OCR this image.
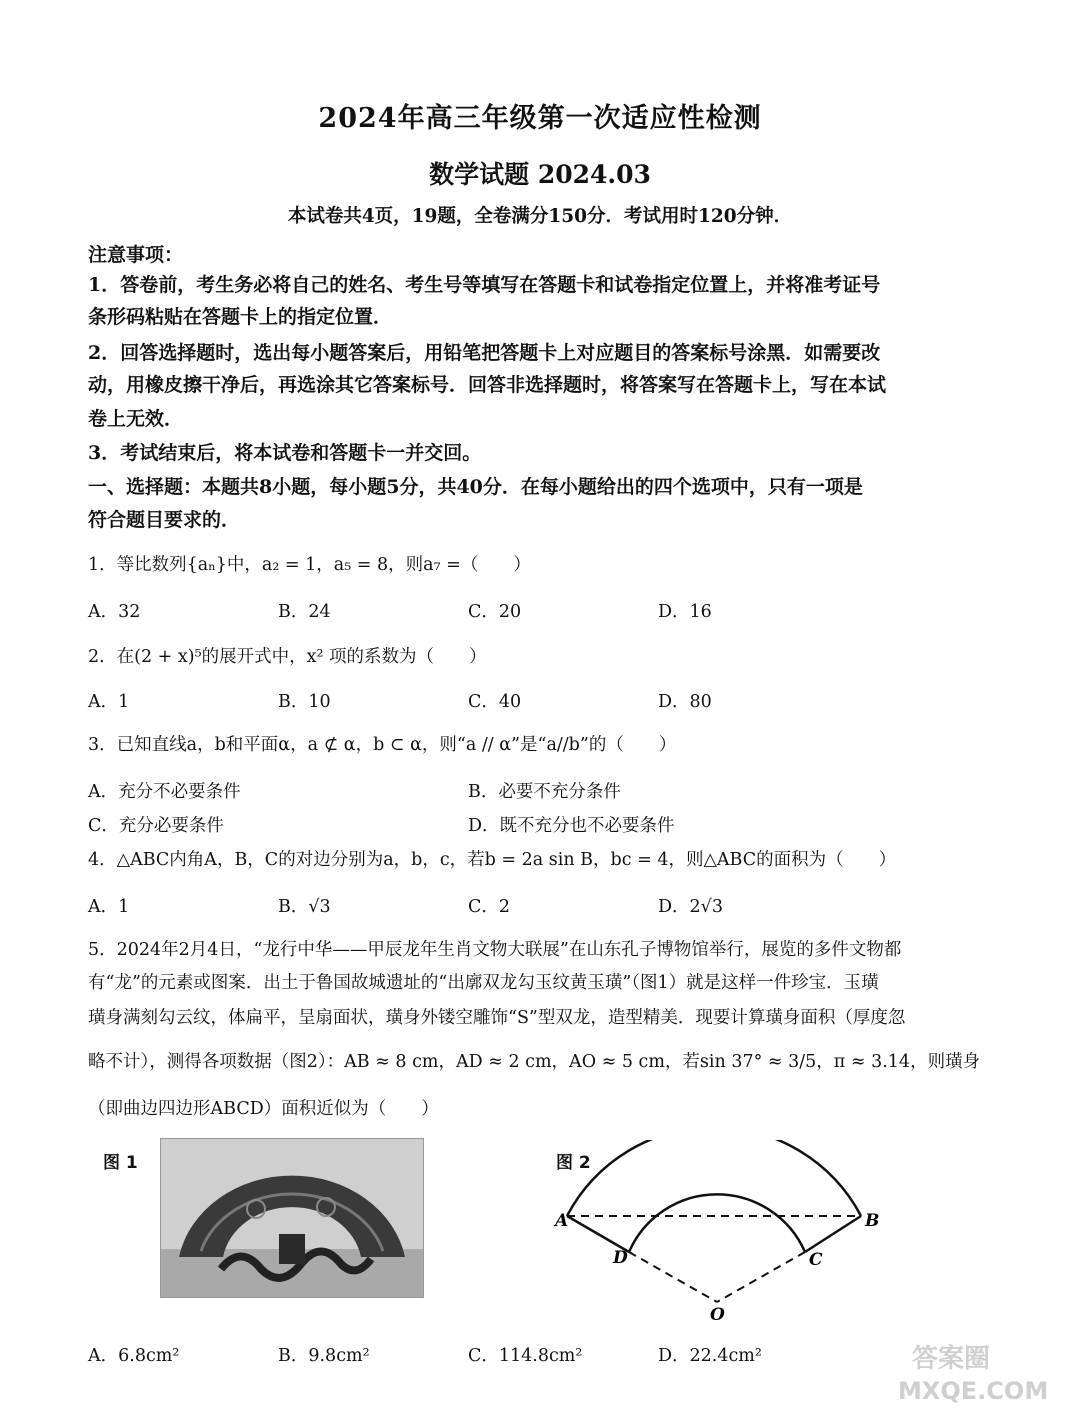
2024年高三年级第一次适应性检测
数学试题 2024.03
本试卷共4页，19题，全卷满分150分．考试用时120分钟．
注意事项：
1．答卷前，考生务必将自己的姓名、考生号等填写在答题卡和试卷指定位置上，并将准考证号
条形码粘贴在答题卡上的指定位置．
2．回答选择题时，选出每小题答案后，用铅笔把答题卡上对应题目的答案标号涂黑．如需要改
动，用橡皮擦干净后，再选涂其它答案标号．回答非选择题时，将答案写在答题卡上，写在本试
卷上无效．
3．考试结束后，将本试卷和答题卡一并交回。
一、选择题：本题共8小题，每小题5分，共40分．在每小题给出的四个选项中，只有一项是
符合题目要求的．
1．等比数列{aₙ}中，a₂ = 1，a₅ = 8，则a₇ =（　　）
A．32	B．24	C．20	D．16
2．在(2 + x)⁵的展开式中，x² 项的系数为（　　）
A．1	B．10	C．40	D．80
3．已知直线a，b和平面α，a ⊄ α，b ⊂ α，则“a // α”是“a//b”的（　　）
A．充分不必要条件	B．必要不充分条件
C．充分必要条件	D．既不充分也不必要条件
4．△ABC内角A，B，C的对边分别为a，b，c，若b = 2a sin B，bc = 4，则△ABC的面积为（　　）
A．1	B．√3	C．2	D．2√3
5．2024年2月4日，“龙行中华——甲辰龙年生肖文物大联展”在山东孔子博物馆举行，展览的多件文物都
有“龙”的元素或图案．出土于鲁国故城遗址的“出廓双龙勾玉纹黄玉璜”（图1）就是这样一件珍宝．玉璜
璜身满刻勾云纹，体扁平，呈扇面状，璜身外镂空雕饰“S”型双龙，造型精美．现要计算璜身面积（厚度忽
略不计），测得各项数据（图2）：AB ≈ 8 cm，AD ≈ 2 cm，AO ≈ 5 cm，若sin 37° ≈ 3/5，π ≈ 3.14，则璜身
（即曲边四边形ABCD）面积近似为（　　）
图 1	图 2
A	B
D	C
O
A．6.8cm²	B．9.8cm²	C．114.8cm²	D．22.4cm²	答案圈
MXQE.COM
